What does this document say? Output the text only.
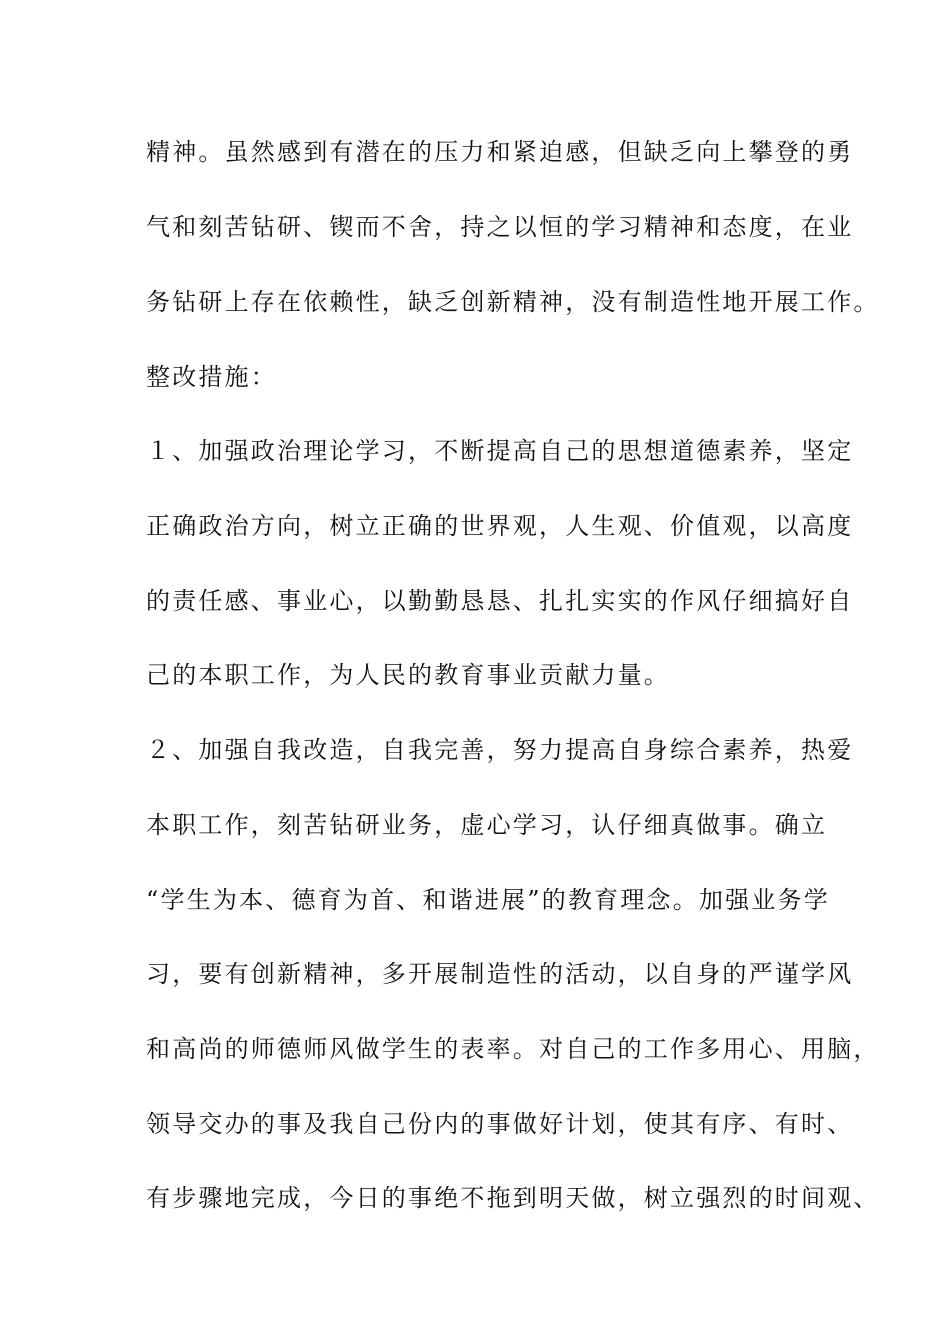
精神。虽然感到有潜在的压力和紧迫感，但缺乏向上攀登的勇
气和刻苦钻研、锲而不舍，持之以恒的学习精神和态度，在业
务钻研上存在依赖性，缺乏创新精神，没有制造性地开展工作。
整改措施：
１、加强政治理论学习，不断提高自己的思想道德素养，坚定
正确政治方向，树立正确的世界观，人生观、价值观，以高度
的责任感、事业心，以勤勤恳恳、扎扎实实的作风仔细搞好自
己的本职工作，为人民的教育事业贡献力量。
２、加强自我改造，自我完善，努力提高自身综合素养，热爱
本职工作，刻苦钻研业务，虚心学习，认仔细真做事。确立
“学生为本、德育为首、和谐进展”的教育理念。加强业务学
习，要有创新精神，多开展制造性的活动，以自身的严谨学风
和高尚的师德师风做学生的表率。对自己的工作多用心、用脑，
领导交办的事及我自己份内的事做好计划，使其有序、有时、
有步骤地完成，今日的事绝不拖到明天做，树立强烈的时间观、
